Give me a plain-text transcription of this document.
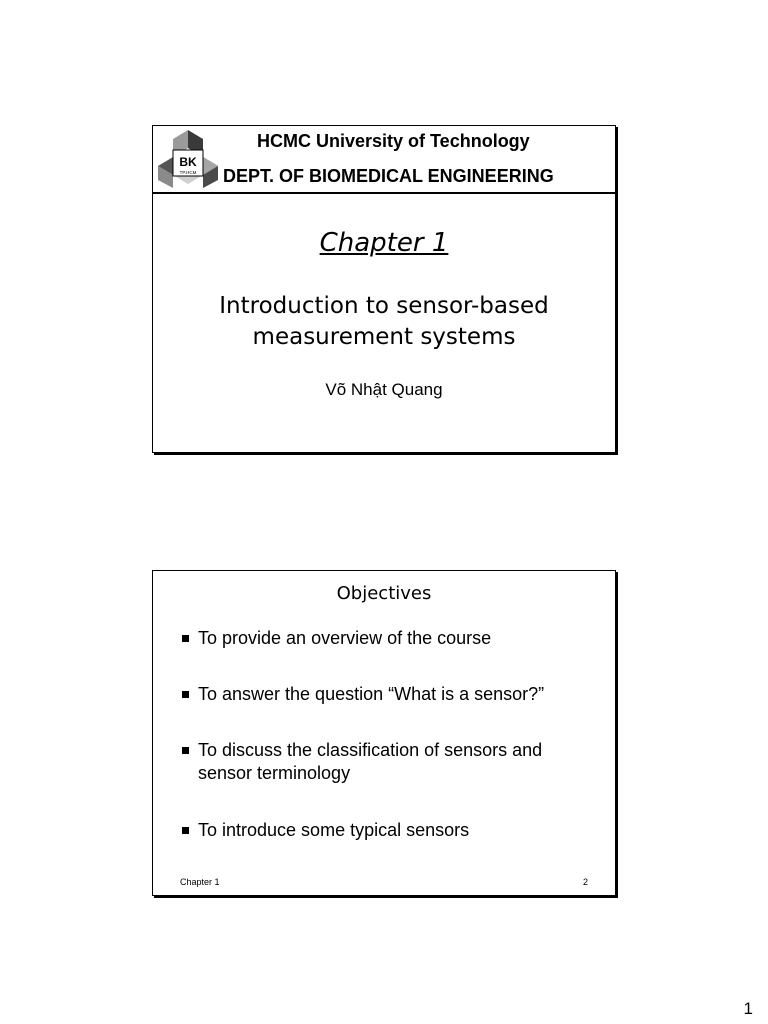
BK
TP.HCM
HCMC University of Technology
DEPT. OF BIOMEDICAL ENGINEERING
Chapter 1
Introduction to sensor-based
measurement systems
Võ Nhật Quang
Objectives
To provide an overview of the course
To answer the question “What is a sensor?”
To discuss the classification of sensors and sensor terminology
To introduce some typical sensors
Chapter 1	2
1
